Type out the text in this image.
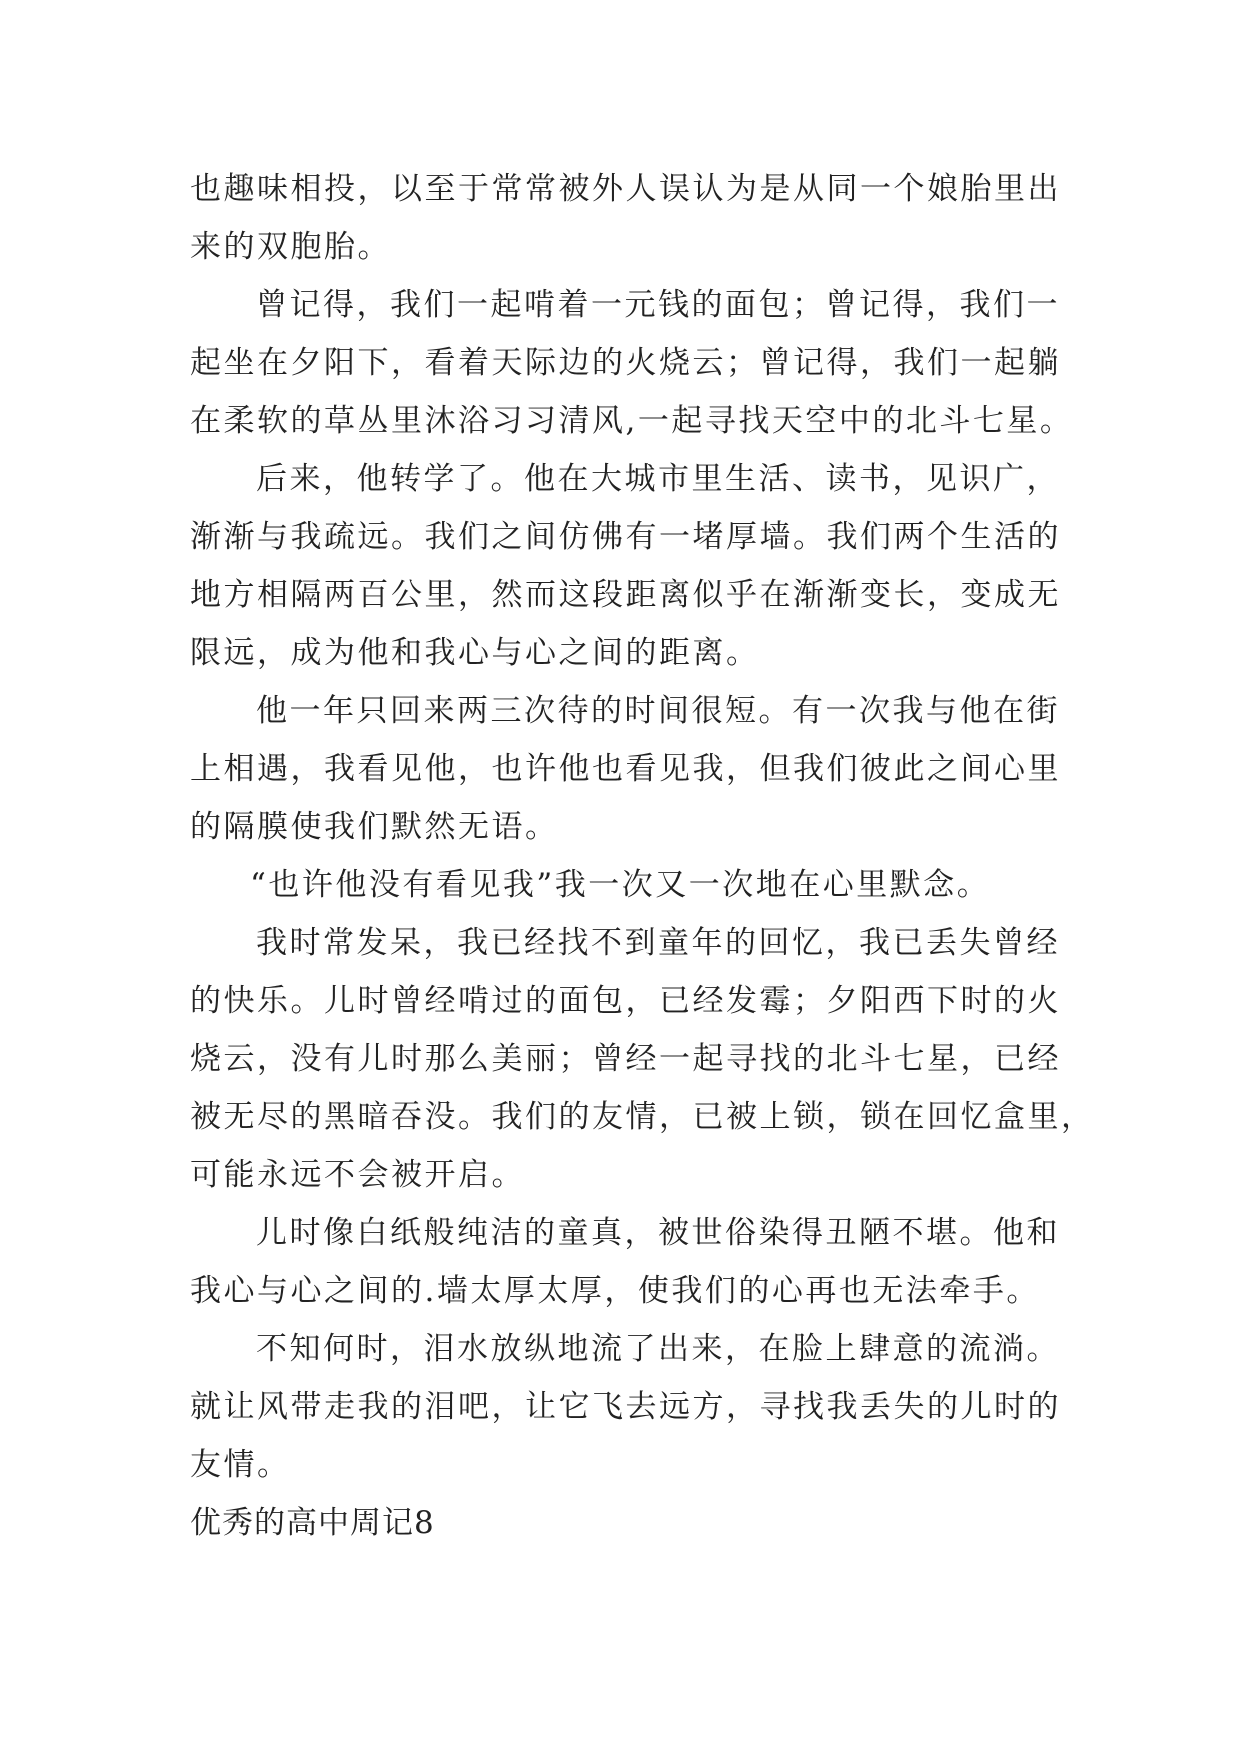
也趣味相投，以至于常常被外人误认为是从同一个娘胎里出
来的双胞胎。
曾记得，我们一起啃着一元钱的面包；曾记得，我们一
起坐在夕阳下，看着天际边的火烧云；曾记得，我们一起躺
在柔软的草丛里沐浴习习清风,一起寻找天空中的北斗七星。
后来，他转学了。他在大城市里生活、读书，见识广，
渐渐与我疏远。我们之间仿佛有一堵厚墙。我们两个生活的
地方相隔两百公里，然而这段距离似乎在渐渐变长，变成无
限远，成为他和我心与心之间的距离。
他一年只回来两三次待的时间很短。有一次我与他在街
上相遇，我看见他，也许他也看见我，但我们彼此之间心里
的隔膜使我们默然无语。
“也许他没有看见我”我一次又一次地在心里默念。
我时常发呆，我已经找不到童年的回忆，我已丢失曾经
的快乐。儿时曾经啃过的面包，已经发霉；夕阳西下时的火
烧云，没有儿时那么美丽；曾经一起寻找的北斗七星，已经
被无尽的黑暗吞没。我们的友情，已被上锁，锁在回忆盒里，
可能永远不会被开启。
儿时像白纸般纯洁的童真，被世俗染得丑陋不堪。他和
我心与心之间的.墙太厚太厚，使我们的心再也无法牵手。
不知何时，泪水放纵地流了出来，在脸上肆意的流淌。
就让风带走我的泪吧，让它飞去远方，寻找我丢失的儿时的
友情。
优秀的高中周记8
